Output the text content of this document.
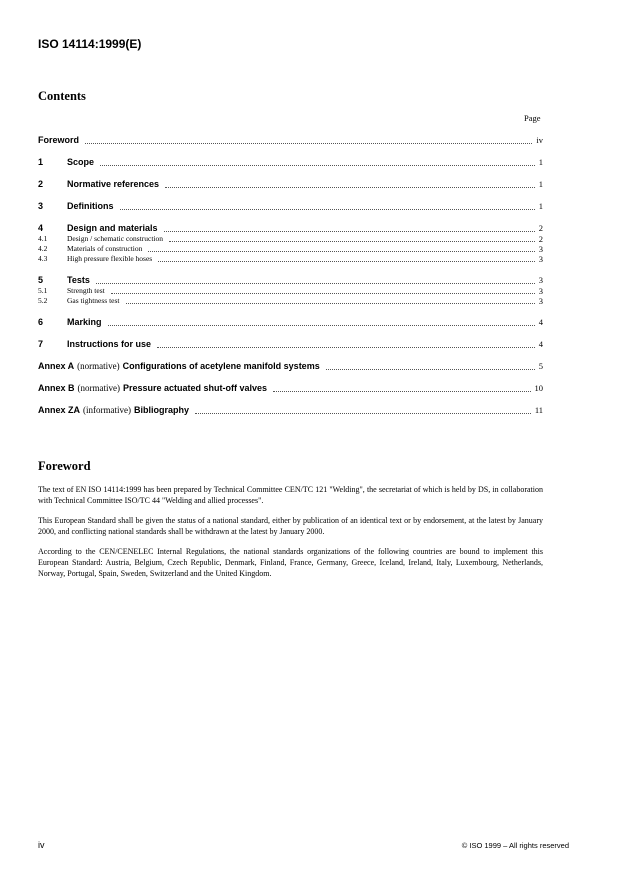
ISO 14114:1999(E)
Contents
Page
Foreword	iv
1	Scope	1
2	Normative references	1
3	Definitions	1
4	Design and materials	2
4.1	Design / schematic construction	2
4.2	Materials of construction	3
4.3	High pressure flexible hoses	3
5	Tests	3
5.1	Strength test	3
5.2	Gas tightness test	3
6	Marking	4
7	Instructions for use	4
Annex A (normative) Configurations of acetylene manifold systems	5
Annex B (normative) Pressure actuated shut-off valves	10
Annex ZA (informative) Bibliography	11
Foreword

The text of EN ISO 14114:1999 has been prepared by Technical Committee CEN/TC 121 "Welding", the secretariat of which is held by DS, in collaboration with Technical Committee ISO/TC 44 "Welding and allied processes".

This European Standard shall be given the status of a national standard, either by publication of an identical text or by endorsement, at the latest by January 2000, and conflicting national standards shall be withdrawn at the latest by January 2000.

According to the CEN/CENELEC Internal Regulations, the national standards organizations of the following countries are bound to implement this European Standard: Austria, Belgium, Czech Republic, Denmark, Finland, France, Germany, Greece, Iceland, Ireland, Italy, Luxembourg, Netherlands, Norway, Portugal, Spain, Sweden, Switzerland and the United Kingdom.

iv	© ISO 1999 – All rights reserved
